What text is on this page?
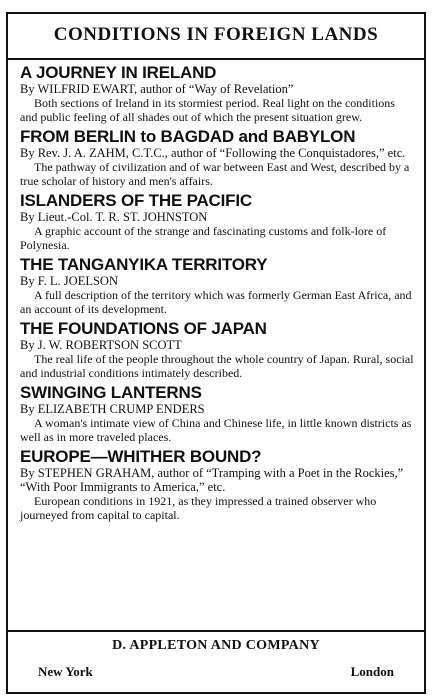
CONDITIONS IN FOREIGN LANDS
A JOURNEY IN IRELAND

By WILFRID EWART, author of “Way of Revelation”

Both sections of Ireland in its stormiest period. Real light on the conditions and public feeling of all shades out of which the present situation grew.

FROM BERLIN to BAGDAD and BABYLON

By Rev. J. A. ZAHM, C.T.C., author of “Following the Conquistadores,” etc.

The pathway of civilization and of war between East and West, described by a true scholar of history and men's affairs.

ISLANDERS OF THE PACIFIC

By Lieut.-Col. T. R. ST. JOHNSTON

A graphic account of the strange and fascinating customs and folk-lore of Polynesia.

THE TANGANYIKA TERRITORY

By F. L. JOELSON

A full description of the territory which was formerly German East Africa, and an account of its development.

THE FOUNDATIONS OF JAPAN

By J. W. ROBERTSON SCOTT

The real life of the people throughout the whole country of Japan. Rural, social and industrial conditions intimately described.

SWINGING LANTERNS

By ELIZABETH CRUMP ENDERS

A woman's intimate view of China and Chinese life, in little known districts as well as in more traveled places.

EUROPE—WHITHER BOUND?

By STEPHEN GRAHAM, author of “Tramping with a Poet in the Rockies,” “With Poor Immigrants to America,” etc.

European conditions in 1921, as they impressed a trained observer who journeyed from capital to capital.

D. APPLETON AND COMPANY
New York	London
